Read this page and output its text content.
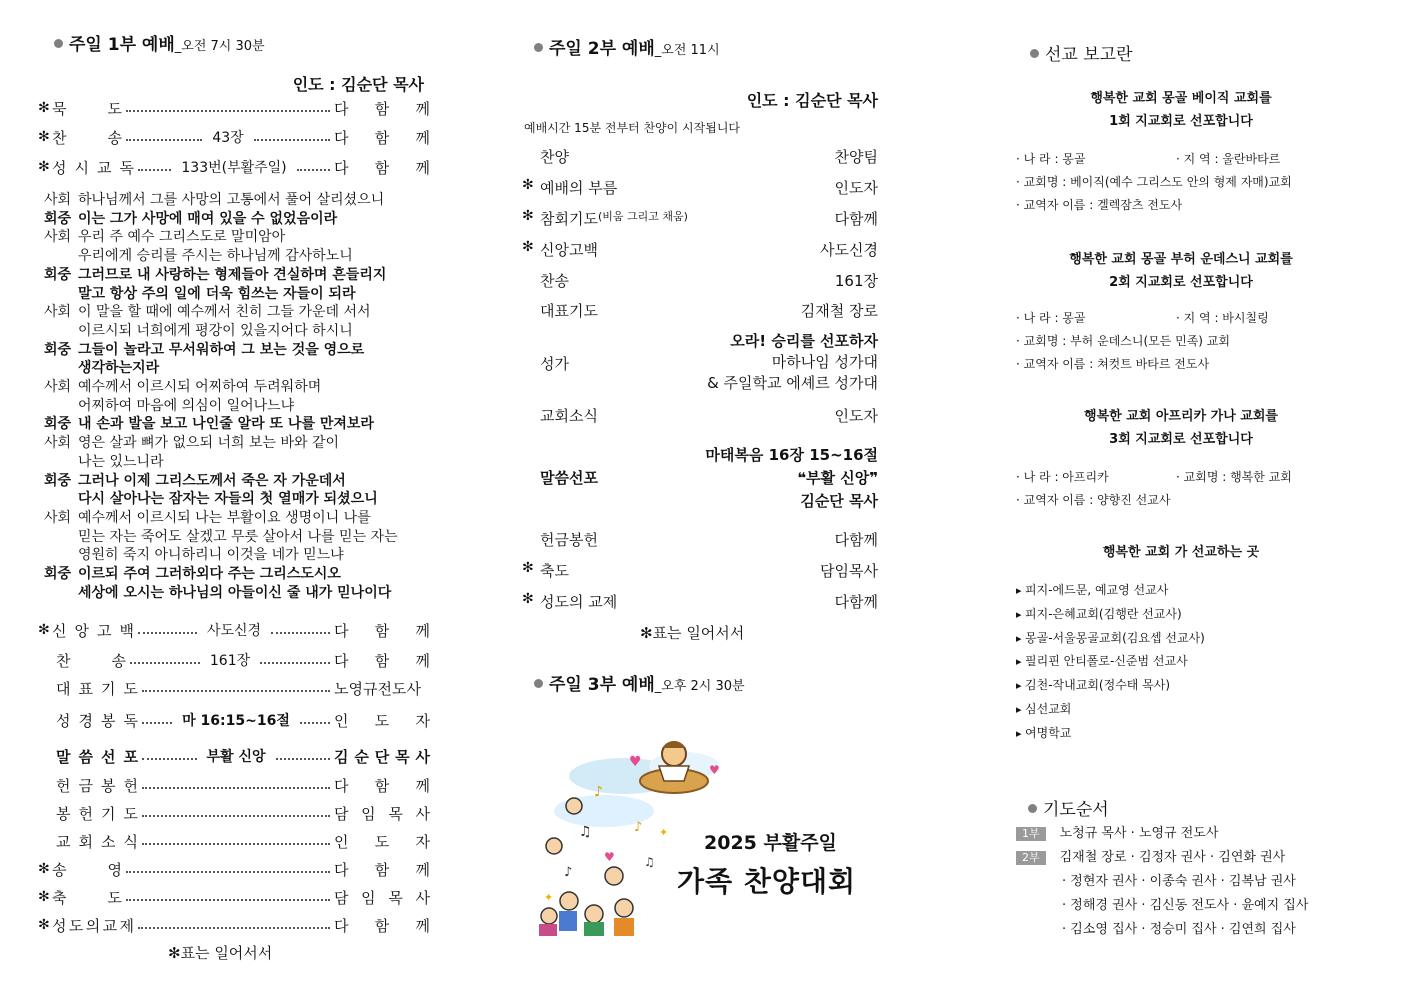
주일 1부 예배_오전 7시 30분
인도 : 김순단 목사
✻ 묵	도	다 함 께
✻ 찬	송	43장	다 함 께
✻ 성 시 교 독	133번(부활주일)	다 함 께
사회 하나님께서 그를 사망의 고통에서 풀어 살리셨으니
회중 이는 그가 사망에 매여 있을 수 없었음이라
사회 우리 주 예수 그리스도로 말미암아
우리에게 승리를 주시는 하나님께 감사하노니
회중 그러므로 내 사랑하는 형제들아 견실하며 흔들리지
말고 항상 주의 일에 더욱 힘쓰는 자들이 되라
사회 이 말을 할 때에 예수께서 친히 그들 가운데 서서
이르시되 너희에게 평강이 있을지어다 하시니
회중 그들이 놀라고 무서워하여 그 보는 것을 영으로
생각하는지라
사회 예수께서 이르시되 어찌하여 두려워하며
어찌하여 마음에 의심이 일어나느냐
회중 내 손과 발을 보고 나인줄 알라 또 나를 만져보라
사회 영은 살과 뼈가 없으되 너희 보는 바와 같이
나는 있느니라
회중 그러나 이제 그리스도께서 죽은 자 가운데서
다시 살아나는 잠자는 자들의 첫 열매가 되셨으니
사회 예수께서 이르시되 나는 부활이요 생명이니 나를
믿는 자는 죽어도 살겠고 무릇 살아서 나를 믿는 자는
영원히 죽지 아니하리니 이것을 네가 믿느냐
회중 이르되 주여 그러하외다 주는 그리스도시오
세상에 오시는 하나님의 아들이신 줄 내가 믿나이다
✻ 신 앙 고 백	사도신경	다 함 께
찬	송	161장	다 함 께
대 표 기 도	노영규전도사
성 경 봉 독	마 16:15~16절	인 도 자
말 씀 선 포	부활 신앙	김 순 단 목 사
헌 금 봉 헌	다 함 께
봉 헌 기 도	담 임 목 사
교 회 소 식	인 도 자
✻ 송	영	다 함 께
✻ 축	도	담 임 목 사
✻ 성 도 의 교 제	다 함 께
✻표는 일어서서
주일 2부 예배_오전 11시
인도 : 김순단 목사
예배시간 15분 전부터 찬양이 시작됩니다
찬양	찬양팀
✻ 예배의 부름	인도자
✻ 참회기도 (비움 그리고 채움)	다함께
✻ 신앙고백	사도신경
찬송	161장
대표기도	김재철 장로
성가
오라! 승리를 선포하자
마하나임 성가대
& 주일학교 에셰르 성가대
교회소식	인도자
말씀선포
마태복음 16장 15~16절
❝부활 신앙❞
김순단 목사
헌금봉헌	다함께
✻ 축도	담임목사
✻ 성도의 교제	다함께
✻표는 일어서서
주일 3부 예배_오후 2시 30분
♥	♥
♪
♫	♪
♥
♪
♫
✦
✦
2025 부활주일
가족 찬양대회
선교 보고란
행복한 교회 몽골 베이직 교회를
1회 지교회로 선포합니다
· 나 라 : 몽골	· 지 역 : 울란바타르
· 교회명 : 베이직(예수 그리스도 안의 형제 자매)교회
· 교역자 이름 : 겔렉잠츠 전도사
행복한 교회 몽골 부허 운데스니 교회를
2회 지교회로 선포합니다
· 나 라 : 몽골	· 지 역 : 바시칠링
· 교회명 : 부허 운데스니(모든 민족) 교회
· 교역자 이름 : 쳐컷트 바타르 전도사
행복한 교회 아프리카 가나 교회를
3회 지교회로 선포합니다
· 나 라 : 아프리카	· 교회명 : 행복한 교회
· 교역자 이름 : 양향진 선교사
행복한 교회 가 선교하는 곳
▸ 피지-에드문, 예교영 선교사
▸ 피지-은혜교회(김행란 선교사)
▸ 몽골-서울몽골교회(김요셉 선교사)
▸ 필리핀 안티폴로-신준범 선교사
▸ 김천-작내교회(정수태 목사)
▸ 심선교회
▸ 여명학교
기도순서
1부 노청규 목사 · 노영규 전도사
2부 김재철 장로 · 김정자 권사 · 김연화 권사
· 정현자 권사 · 이종숙 권사 · 김복남 권사
· 정해경 권사 · 김신동 전도사 · 윤예지 집사
· 김소영 집사 · 정승미 집사 · 김연희 집사
